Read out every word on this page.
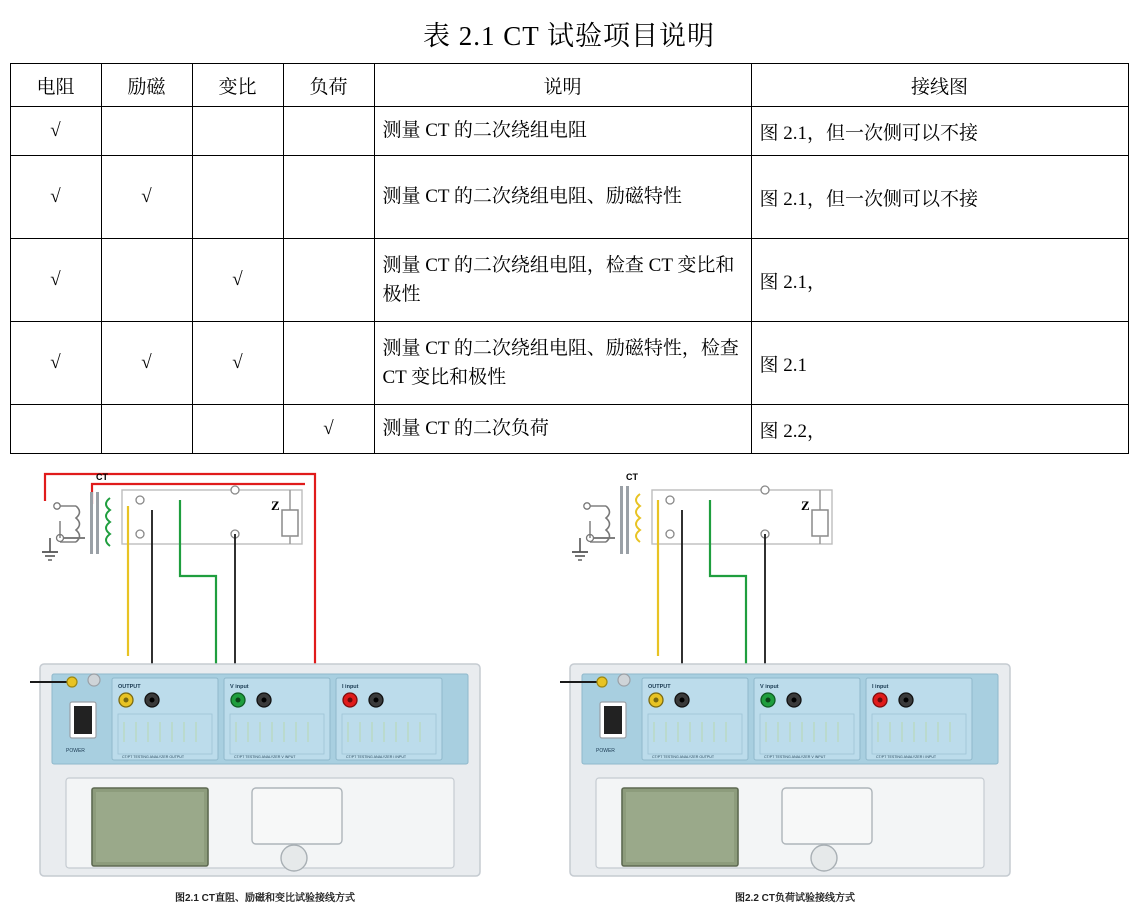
表 2.1 CT 试验项目说明
电阻	励磁	变比	负荷	说明	接线图
√				测量 CT 的二次绕组电阻	图 2.1，但一次侧可以不接
√	√			测量 CT 的二次绕组电阻、励磁特性	图 2.1，但一次侧可以不接
√		√		测量 CT 的二次绕组电阻，检查 CT 变比和极性	图 2.1，
√	√	√		测量 CT 的二次绕组电阻、励磁特性，检查 CT 变比和极性	图 2.1
			√	测量 CT 的二次负荷	图 2.2，
CT
Z
POWER
OUTPUT
CT/PT TESTING ANALYZER OUTPUT
V input
CT/PT TESTING ANALYZER V INPUT
I input
CT/PT TESTING ANALYZER I INPUT
图2.1 CT直阻、励磁和变比试验接线方式
CT
Z
POWER
OUTPUT
CT/PT TESTING ANALYZER OUTPUT
V input
CT/PT TESTING ANALYZER V INPUT
I input
CT/PT TESTING ANALYZER I INPUT
图2.2 CT负荷试验接线方式
